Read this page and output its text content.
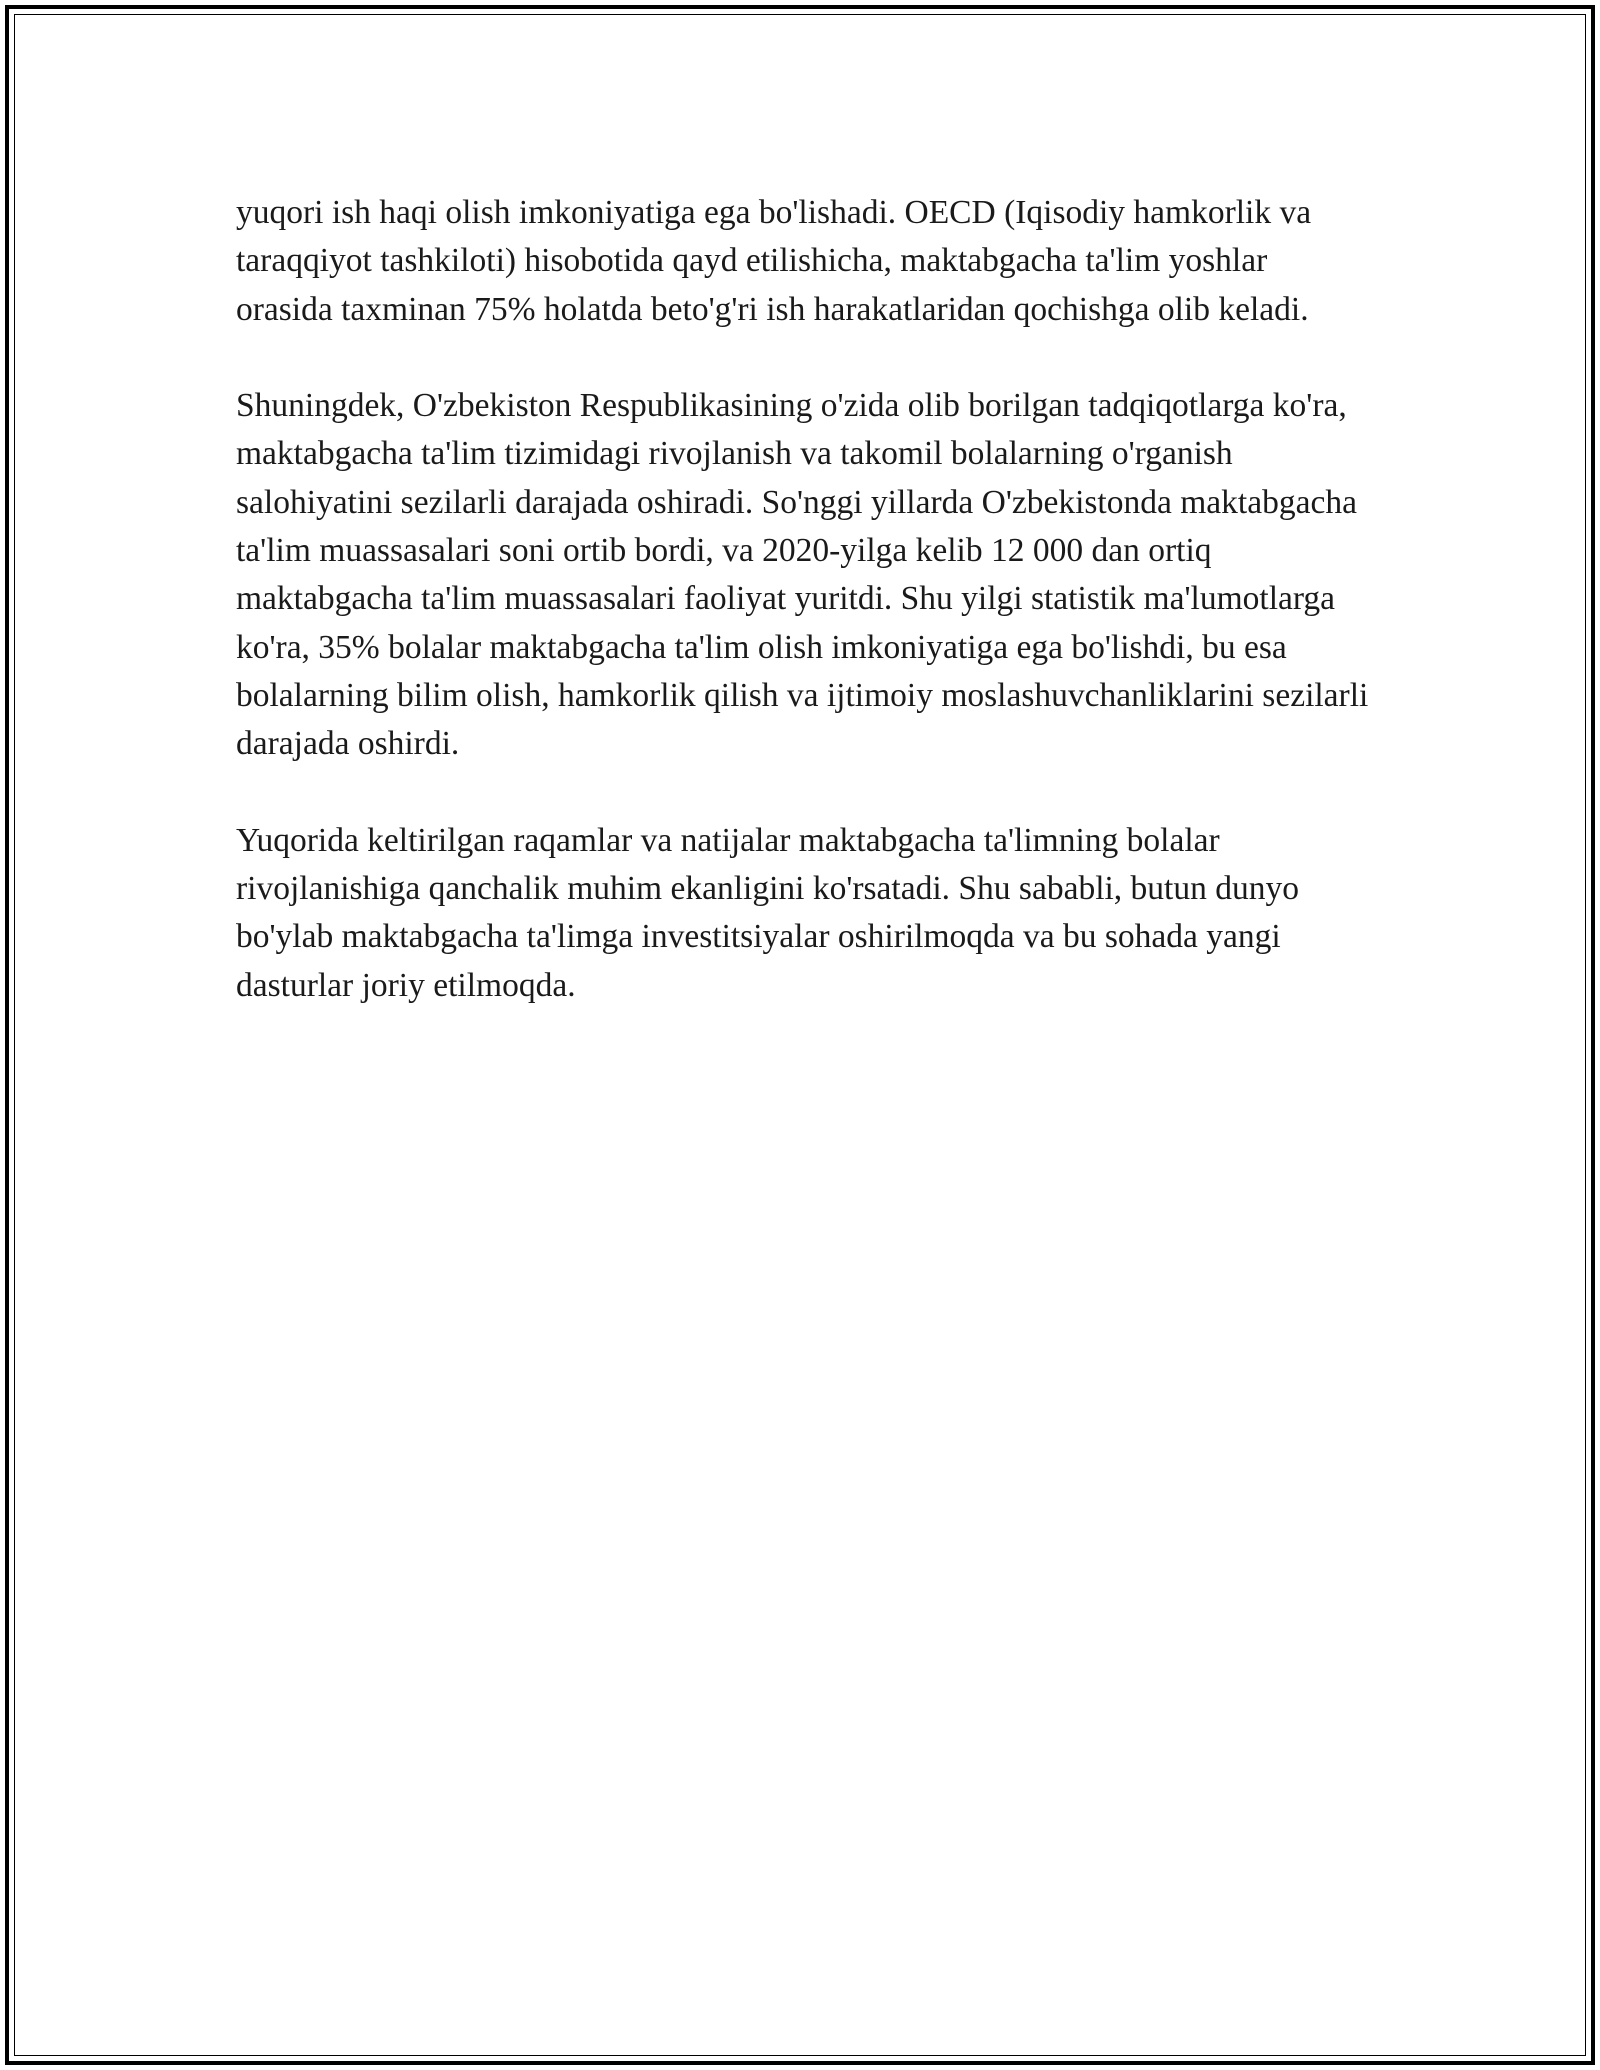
yuqori ish haqi olish imkoniyatiga ega bo'lishadi. OECD (Iqisodiy hamkorlik va taraqqiyot tashkiloti) hisobotida qayd etilishicha, maktabgacha ta'lim yoshlar orasida taxminan 75% holatda beto'g'ri ish harakatlaridan qochishga olib keladi.

Shuningdek, O'zbekiston Respublikasining o'zida olib borilgan tadqiqotlarga ko'ra, maktabgacha ta'lim tizimidagi rivojlanish va takomil bolalarning o'rganish salohiyatini sezilarli darajada oshiradi. So'nggi yillarda O'zbekistonda maktabgacha ta'lim muassasalari soni ortib bordi, va 2020-yilga kelib 12 000 dan ortiq maktabgacha ta'lim muassasalari faoliyat yuritdi. Shu yilgi statistik ma'lumotlarga ko'ra, 35% bolalar maktabgacha ta'lim olish imkoniyatiga ega bo'lishdi, bu esa bolalarning bilim olish, hamkorlik qilish va ijtimoiy moslashuvchanliklarini sezilarli darajada oshirdi.

Yuqorida keltirilgan raqamlar va natijalar maktabgacha ta'limning bolalar rivojlanishiga qanchalik muhim ekanligini ko'rsatadi. Shu sababli, butun dunyo bo'ylab maktabgacha ta'limga investitsiyalar oshirilmoqda va bu sohada yangi dasturlar joriy etilmoqda.
